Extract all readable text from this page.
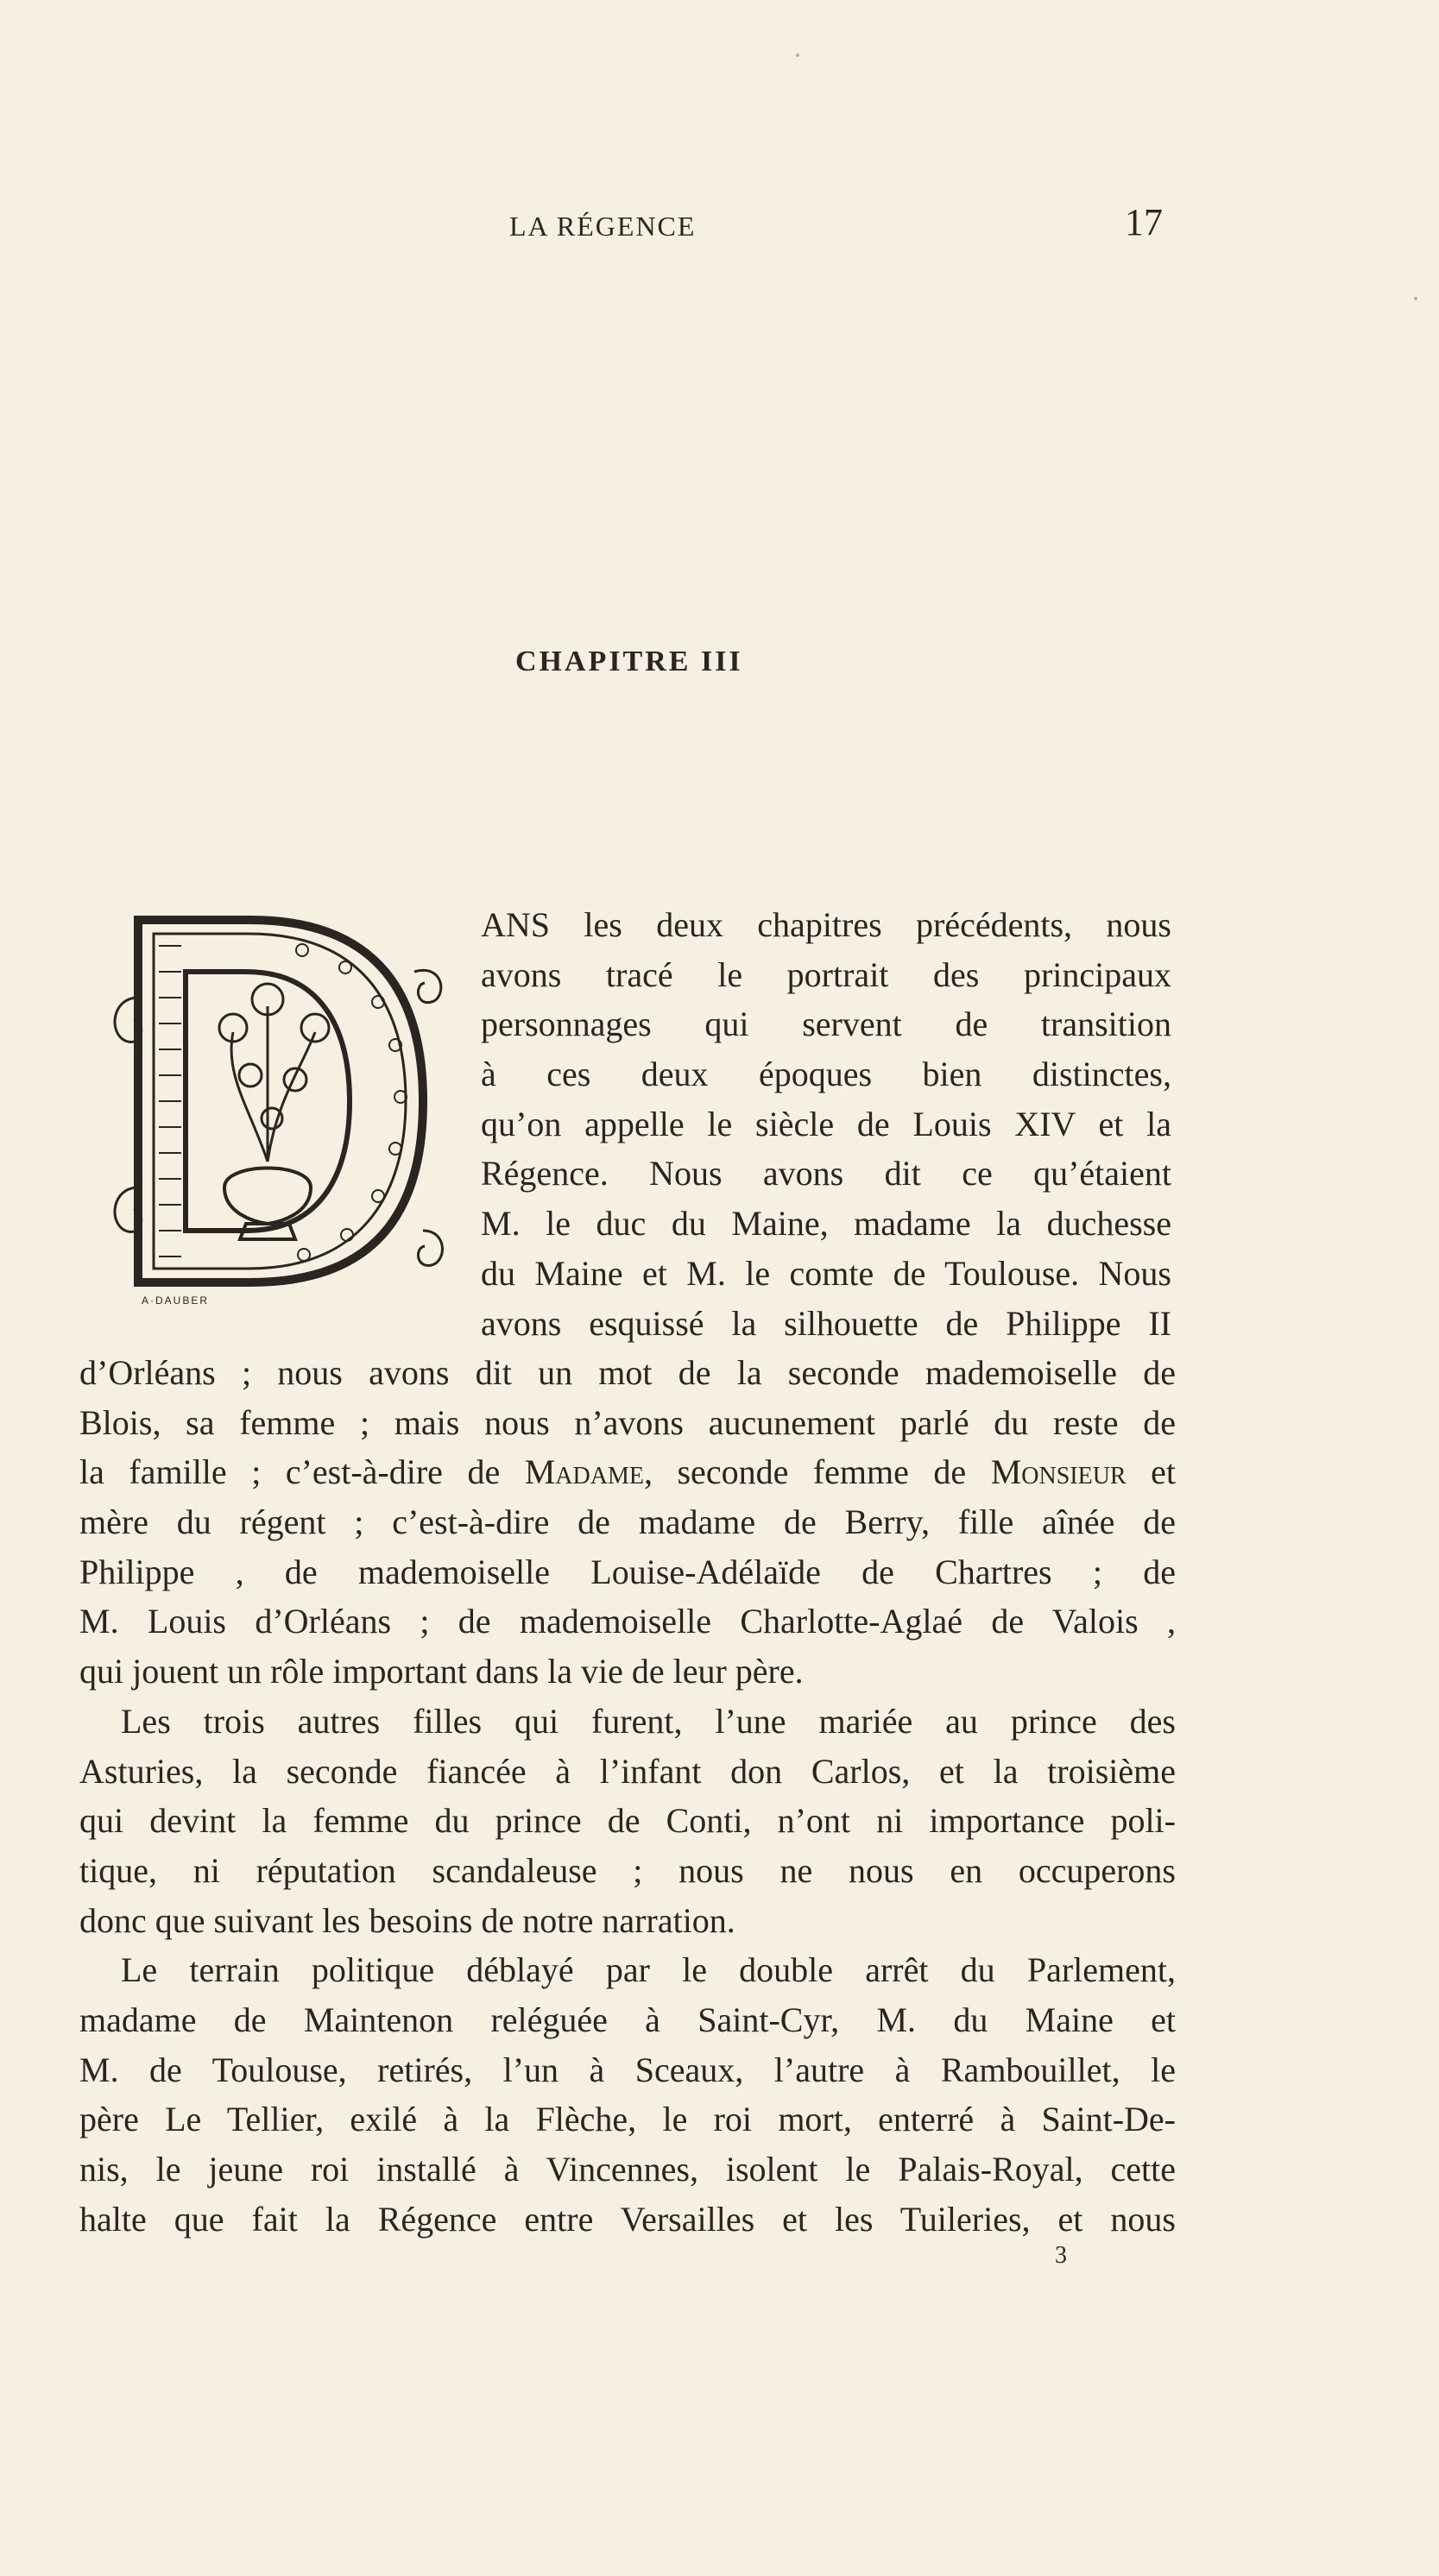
LA RÉGENCE	17
CHAPITRE III
A·DAUBER
ANS les deux chapitres précédents, nous
avons tracé le portrait des principaux
personnages qui servent de transition
à ces deux époques bien distinctes,
qu’on appelle le siècle de Louis XIV et la
Régence. Nous avons dit ce qu’étaient
M. le duc du Maine, madame la duchesse
du Maine et M. le comte de Toulouse. Nous
avons esquissé la silhouette de Philippe II
d’Orléans ; nous avons dit un mot de la seconde mademoiselle de
Blois, sa femme ; mais nous n’avons aucunement parlé du reste de
la famille ; c’est-à-dire de Madame, seconde femme de Monsieur et
mère du régent ; c’est-à-dire de madame de Berry, fille aînée de
Philippe , de mademoiselle Louise-Adélaïde de Chartres ; de
M. Louis d’Orléans ; de mademoiselle Charlotte-Aglaé de Valois ,
qui jouent un rôle important dans la vie de leur père.
Les trois autres filles qui furent, l’une mariée au prince des
Asturies, la seconde fiancée à l’infant don Carlos, et la troisième
qui devint la femme du prince de Conti, n’ont ni importance poli-
tique, ni réputation scandaleuse ; nous ne nous en occuperons
donc que suivant les besoins de notre narration.
Le terrain politique déblayé par le double arrêt du Parlement,
madame de Maintenon reléguée à Saint-Cyr, M. du Maine et
M. de Toulouse, retirés, l’un à Sceaux, l’autre à Rambouillet, le
père Le Tellier, exilé à la Flèche, le roi mort, enterré à Saint-De-
nis, le jeune roi installé à Vincennes, isolent le Palais-Royal, cette
halte que fait la Régence entre Versailles et les Tuileries, et nous
3
